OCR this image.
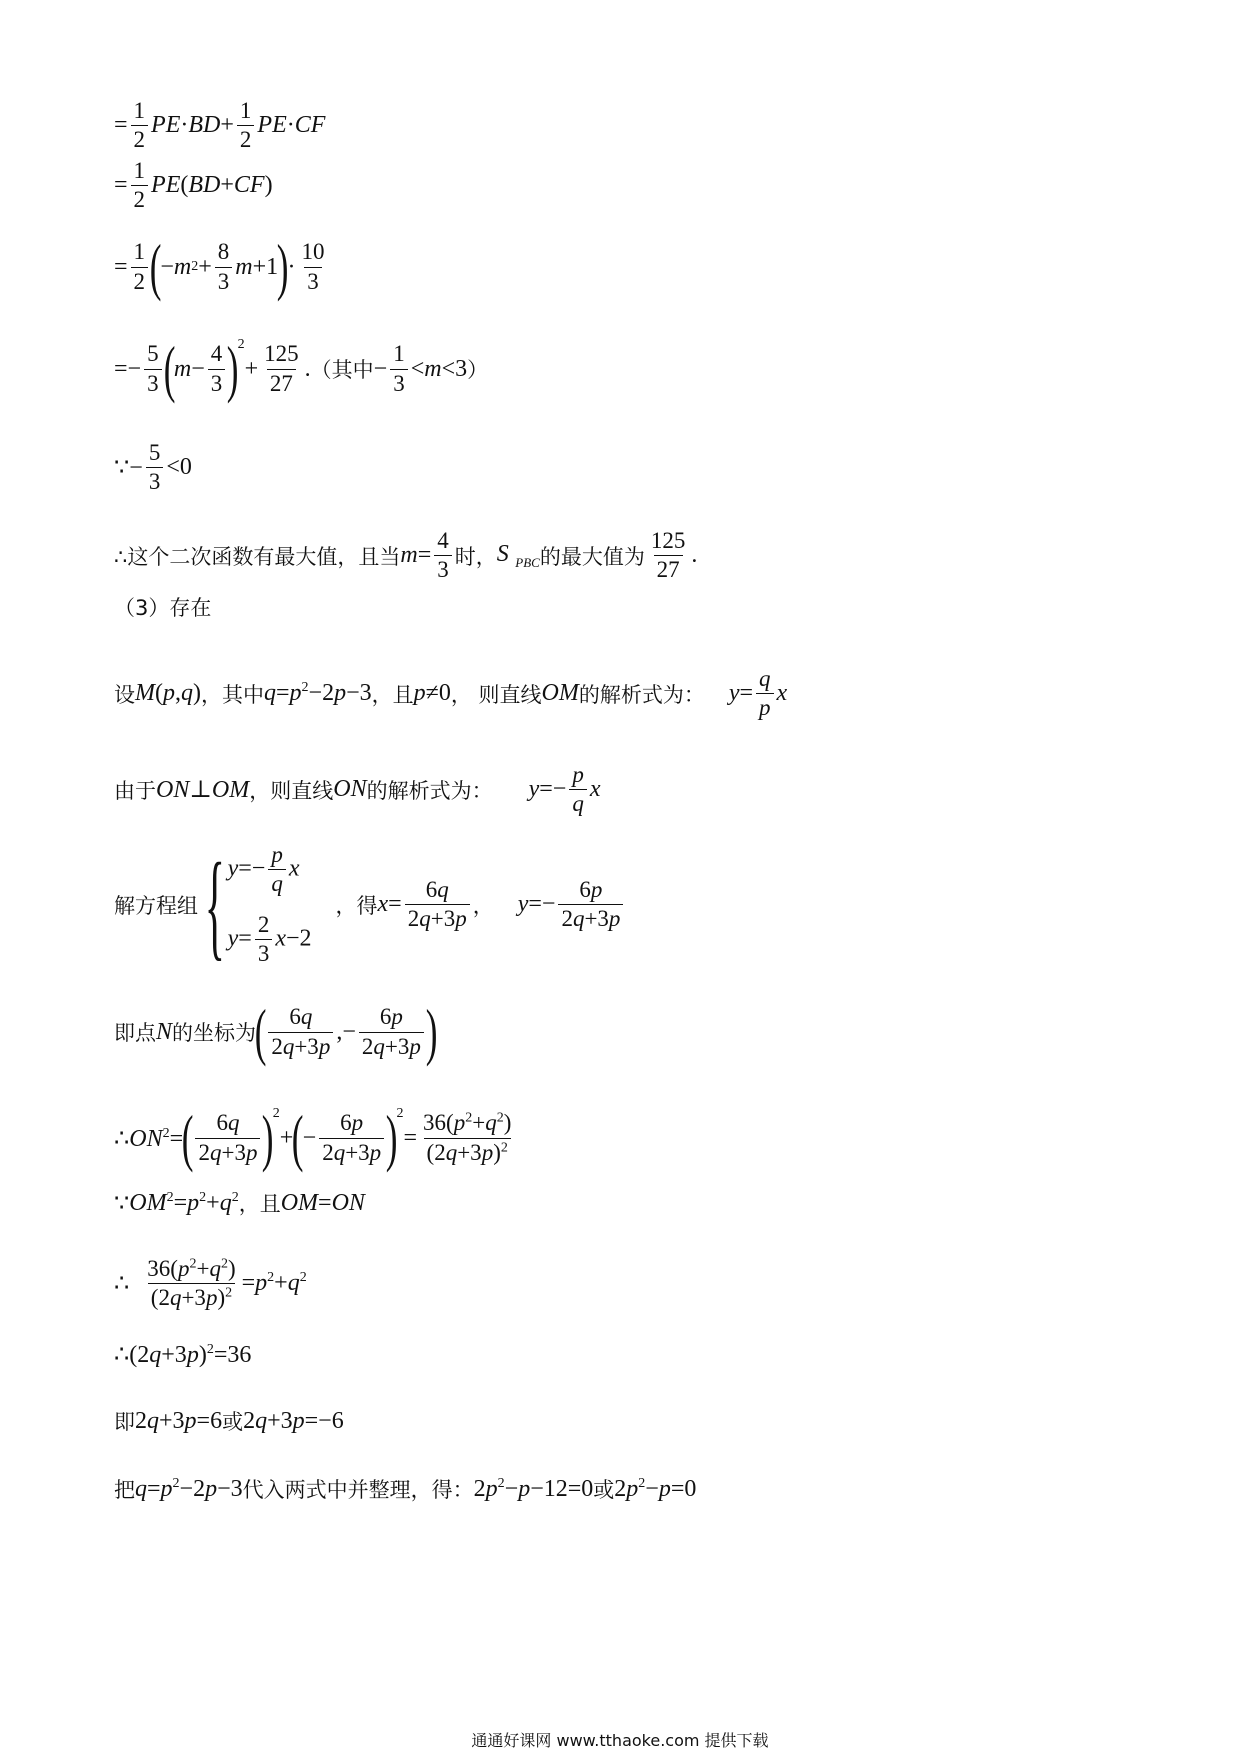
= $\frac{1}{2}$ PE · BD + $\frac{1}{2}$ PE · CF
= $\frac{1}{2}$ PE ( BD + CF )
= $\frac{1}{2}$ (
− m $2 + \frac{8}{3}$ m +1
)
· $\frac{10}{3}$
=− $\frac{5}{3}$ (
$m - \frac{4}{3}$ )
2
+ $\frac{125}{27}$ . （其中 − $\frac{1}{3} < m <3$ ）
∵− $\frac{5}{3} <0$
∴这个二次函数有最大值，且当 $m= \frac{4}{3}$ 时， S  $_{PBC}$ 的最大值为 $\frac{125}{27}$ .
（3）存在
设 M(p,q) ，其中 $q=p^2-2p-3$ ，且 p≠0 ， 则直线 OM 的解析式为： $y= \frac{q}{p}$ x
由于 ON⊥OM ，则直线 ON 的解析式为： $y=- \frac{p}{q}$ x
解方程组 { $y=- \frac{p}{q}$ x
$y= \frac{2}{3} x-2$
，得 $x= \frac{6q}{2q+3p}$ ， $y=- \frac{6p}{2q+3p}$
即点 N 的坐标为
( $\frac{6q}{2q+3p}$ ,− $\frac{6p}{2q+3p}$ )
$\therefore ON^2=$
( $\frac{6q}{2q+3p}$ )
2
+
(
− $\frac{6p}{2q+3p}$ )
2
= $\frac{36(p^2+q^2)}{(2q+3p)^2}$
∵ $OM^2=p^2+q^2$ ，且 OM=ON
∴ $\frac{36(p^2+q^2)}{(2q+3p)^2} =p^2+q^2$
$\therefore(2q+3p)^2=36$
即 2q+3p=6 或 2q+3p=−6
把 $q=p^2-2p-3$ 代入两式中并整理，得： $2p^2-p-12=0$ 或 $2p^2-p=0$
通通好课网 www.tthaoke.com 提供下载
